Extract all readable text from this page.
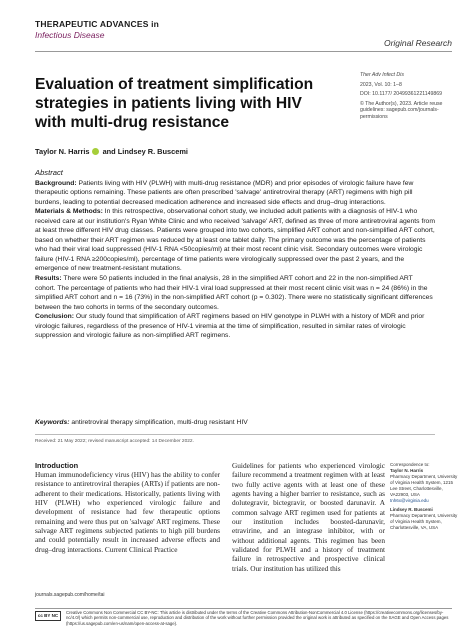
THERAPEUTIC ADVANCES in
Infectious Disease
Original Research
Evaluation of treatment simplification strategies in patients living with HIV with multi-drug resistance
Ther Adv Infect Dis
2023, Vol. 10: 1–8
DOI: 10.1177/ 20499361221149869
© The Author(s), 2023. Article reuse guidelines: sagepub.com/journals-permissions
Taylor N. Harris and Lindsey R. Buscemi
Abstract
Background: Patients living with HIV (PLWH) with multi-drug resistance (MDR) and prior episodes of virologic failure have few therapeutic options remaining. These patients are often prescribed 'salvage' antiretroviral therapy (ART) regimens with high pill burdens, leading to potential decreased medication adherence and increased side effects and drug–drug interactions.
Materials & Methods: In this retrospective, observational cohort study, we included adult patients with a diagnosis of HIV-1 who received care at our institution's Ryan White Clinic and who received 'salvage' ART, defined as three of more antiretroviral agents from at least three different HIV drug classes. Patients were grouped into two cohorts, simplified ART cohort and non-simplified ART cohort, based on whether their ART regimen was reduced by at least one tablet daily. The primary outcome was the percentage of patients who had their viral load suppressed (HIV-1 RNA <50copies/ml) at their most recent clinic visit. Secondary outcomes were virologic failure (HIV-1 RNA ≥200copies/ml), percentage of time patients were virologically suppressed over the past 2 years, and the emergence of new treatment-resistant mutations.
Results: There were 50 patients included in the final analysis, 28 in the simplified ART cohort and 22 in the non-simplified ART cohort. The percentage of patients who had their HIV-1 viral load suppressed at their most recent clinic visit was n = 24 (86%) in the simplified ART cohort and n = 16 (73%) in the non-simplified ART cohort (p = 0.302). There were no statistically significant differences between the two cohorts in terms of the secondary outcomes.
Conclusion: Our study found that simplification of ART regimens based on HIV genotype in PLWH with a history of MDR and prior virologic failures, regardless of the presence of HIV-1 viremia at the time of simplification, resulted in similar rates of virologic suppression and virologic failure as non-simplified ART regimens.
Keywords: antiretroviral therapy simplification, multi-drug resistant HIV
Received: 21 May 2022; revised manuscript accepted: 14 December 2022.
Introduction
Human immunodeficiency virus (HIV) has the ability to confer resistance to antiretroviral therapies (ARTs) if patients are non-adherent to their medications. Historically, patients living with HIV (PLWH) who experienced virologic failure and development of resistance had few therapeutic options remaining and were thus put on 'salvage' ART regimens. These salvage ART regimens subjected patients to high pill burdens and could potentially result in increased adverse effects and drug–drug interactions. Current Clinical Practice
Guidelines for patients who experienced virologic failure recommend a treatment regimen with at least two fully active agents with at least one of these agents having a higher barrier to resistance, such as dolutegravir, bictegravir, or boosted darunavir. A common salvage ART regimen used for patients at our institution includes boosted-darunavir, etravirine, and an integrase inhibitor, with or without additional agents. This regimen has been validated for PLWH and a history of treatment failure in retrospective and prospective clinical trials. Our institution has utilized this
Correspondence to:
Taylor N. Harris
Pharmacy Department, University of Virginia Health System, 1215 Lee Street, Charlottesville, VA22903, USA
tnh6x@virginia.edu
Lindsey R. Buscemi
Pharmacy Department, University of Virginia Health System, Charlottesville, VA, USA
journals.sagepub.com/home/tai
cc BY NC
Creative Commons Non Commercial CC BY-NC: This article is distributed under the terms of the Creative Commons Attribution-NonCommercial 4.0 License (https://creativecommons.org/licenses/by-nc/4.0/) which permits non-commercial use, reproduction and distribution of the work without further permission provided the original work is attributed as specified on the SAGE and Open Access pages (https://us.sagepub.com/en-us/nam/open-access-at-sage).
